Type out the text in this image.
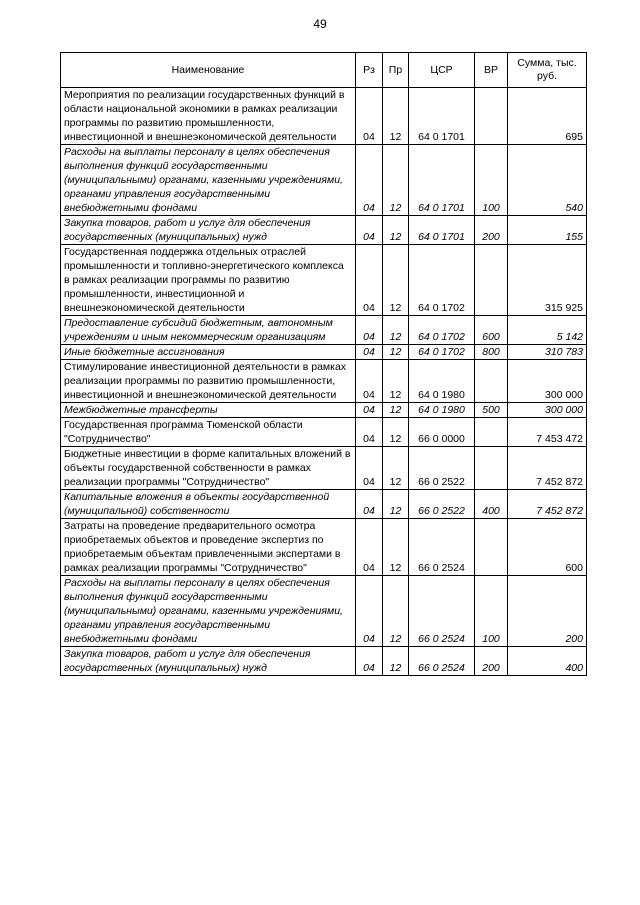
49
Наименование	Рз	Пр	ЦСР	ВР	Сумма, тыс. руб.
Мероприятия по реализации государственных функций в области национальной экономики в рамках реализации программы по развитию промышленности, инвестиционной и внешнеэкономической деятельности	04	12	64 0 1701		695
Расходы на выплаты персоналу в целях обеспечения выполнения функций государственными (муниципальными) органами, казенными учреждениями, органами управления государственными внебюджетными фондами	04	12	64 0 1701	100	540
Закупка товаров, работ и услуг для обеспечения государственных (муниципальных) нужд	04	12	64 0 1701	200	155
Государственная поддержка отдельных отраслей промышленности и топливно-энергетического комплекса в рамках реализации программы по развитию промышленности, инвестиционной и внешнеэкономической деятельности	04	12	64 0 1702		315 925
Предоставление субсидий бюджетным, автономным учреждениям и иным некоммерческим организациям	04	12	64 0 1702	600	5 142
Иные бюджетные ассигнования	04	12	64 0 1702	800	310 783
Стимулирование инвестиционной деятельности в рамках реализации программы по развитию промышленности, инвестиционной и внешнеэкономической деятельности	04	12	64 0 1980		300 000
Межбюджетные трансферты	04	12	64 0 1980	500	300 000
Государственная программа Тюменской области "Сотрудничество"	04	12	66 0 0000		7 453 472
Бюджетные инвестиции в форме капитальных вложений в объекты государственной собственности в рамках реализации программы "Сотрудничество"	04	12	66 0 2522		7 452 872
Капитальные вложения в объекты государственной (муниципальной) собственности	04	12	66 0 2522	400	7 452 872
Затраты на проведение предварительного осмотра приобретаемых объектов и проведение экспертиз по приобретаемым объектам привлеченными экспертами в рамках реализации программы "Сотрудничество"	04	12	66 0 2524		600
Расходы на выплаты персоналу в целях обеспечения выполнения функций государственными (муниципальными) органами, казенными учреждениями, органами управления государственными внебюджетными фондами	04	12	66 0 2524	100	200
Закупка товаров, работ и услуг для обеспечения государственных (муниципальных) нужд	04	12	66 0 2524	200	400
